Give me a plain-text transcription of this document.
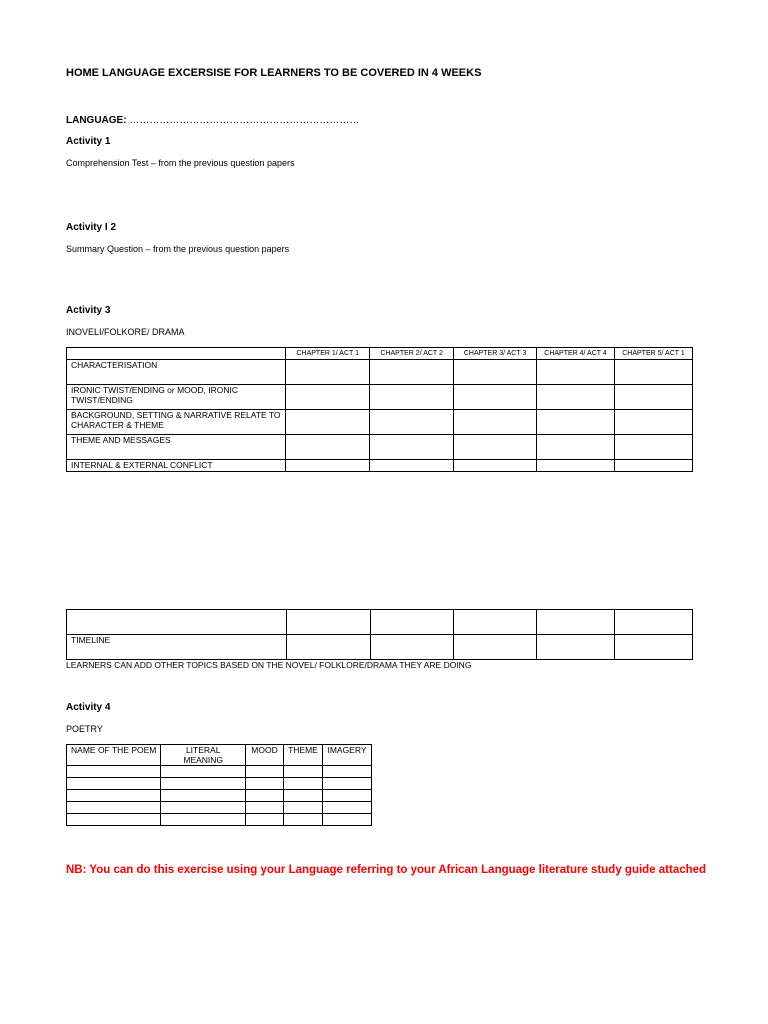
HOME LANGUAGE EXCERSISE FOR LEARNERS TO BE COVERED IN 4 WEEKS
LANGUAGE: ……………………………………………………………
Activity 1
Comprehension Test – from the previous question papers
Activity I 2
Summary Question – from the previous question papers
Activity 3
INOVELI/FOLKORE/ DRAMA
	CHAPTER 1/ ACT 1	CHAPTER 2/ ACT 2	CHAPTER 3/ ACT 3	CHAPTER 4/ ACT 4	CHAPTER 5/ ACT 1
CHARACTERISATION					
IRONIC TWIST/ENDING or MOOD, IRONIC TWIST/ENDING					
BACKGROUND, SETTING & NARRATIVE RELATE TO CHARACTER & THEME					
THEME AND MESSAGES					
INTERNAL & EXTERNAL CONFLICT					

TIMELINE					
LEARNERS CAN ADD OTHER TOPICS BASED ON THE NOVEL/ FOLKLORE/DRAMA THEY ARE DOING
Activity 4
POETRY
NAME OF THE POEM	LITERAL MEANING	MOOD	THEME	IMAGERY

NB: You can do this exercise using your Language referring to your African Language literature study guide attached
